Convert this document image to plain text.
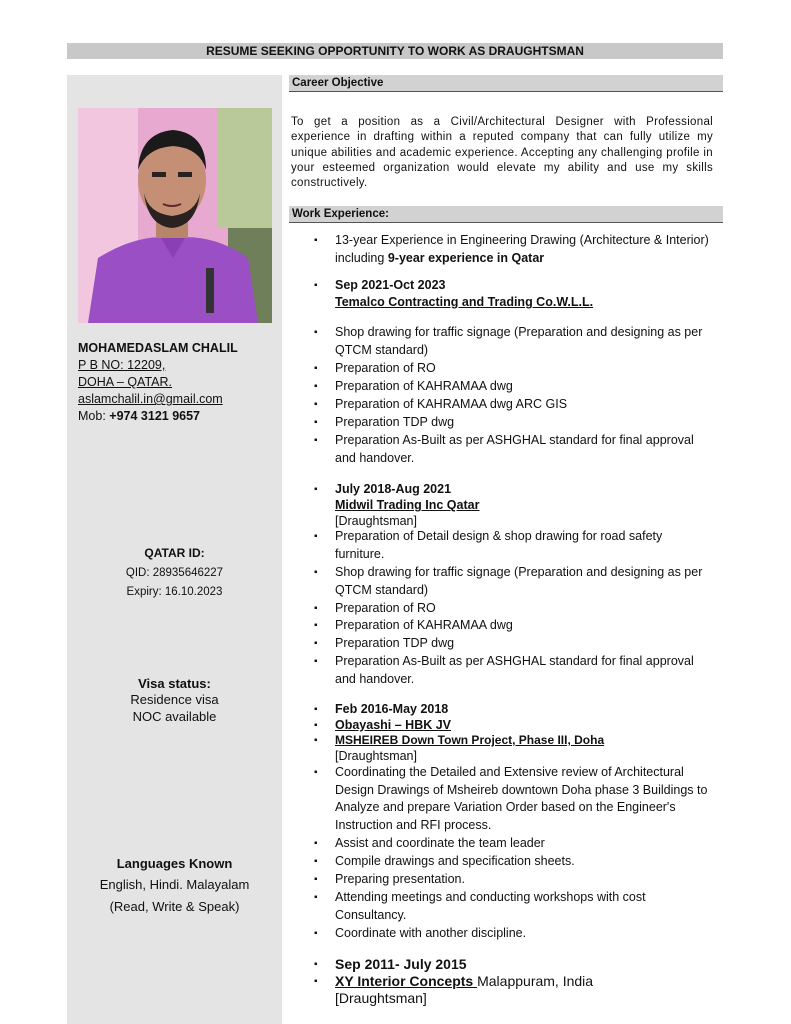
RESUME SEEKING OPPORTUNITY TO WORK AS DRAUGHTSMAN
MOHAMEDASLAM CHALIL
P B NO: 12209,
DOHA – QATAR.
aslamchalil.in@gmail.com
Mob: +974 3121 9657
QATAR ID:
QID: 28935646227
Expiry: 16.10.2023
Visa status:
Residence visa
NOC available
Languages Known
English, Hindi. Malayalam
(Read, Write & Speak)
Career Objective
To get a position as a Civil/Architectural Designer with Professional experience in drafting within a reputed company that can fully utilize my unique abilities and academic experience. Accepting any challenging profile in your esteemed organization would elevate my ability and use my skills constructively.
Work Experience:
▪ 13-year Experience in Engineering Drawing (Architecture & Interior) including 9-year experience in Qatar
▪ Sep 2021-Oct 2023
Temalco Contracting and Trading Co.W.L.L.
▪ Shop drawing for traffic signage (Preparation and designing as per QTCM standard)
▪ Preparation of RO
▪ Preparation of KAHRAMAA dwg
▪ Preparation of KAHRAMAA dwg ARC GIS
▪ Preparation TDP dwg
▪ Preparation As-Built as per ASHGHAL standard for final approval and handover.
▪ July 2018-Aug 2021
Midwil Trading Inc Qatar
[Draughtsman]
▪ Preparation of Detail design & shop drawing for road safety furniture.
▪ Shop drawing for traffic signage (Preparation and designing as per QTCM standard)
▪ Preparation of RO
▪ Preparation of KAHRAMAA dwg
▪ Preparation TDP dwg
▪ Preparation As-Built as per ASHGHAL standard for final approval and handover.
▪ Feb 2016-May 2018
▪ Obayashi – HBK JV
▪ MSHEIREB Down Town Project, Phase III, Doha
[Draughtsman]
▪ Coordinating the Detailed and Extensive review of Architectural Design Drawings of Msheireb downtown Doha phase 3 Buildings to Analyze and prepare Variation Order based on the Engineer's Instruction and RFI process.
▪ Assist and coordinate the team leader
▪ Compile drawings and specification sheets.
▪ Preparing presentation.
▪ Attending meetings and conducting workshops with cost Consultancy.
▪ Coordinate with another discipline.
▪ Sep 2011- July 2015
▪ XY Interior Concepts Malappuram, India
[Draughtsman]
